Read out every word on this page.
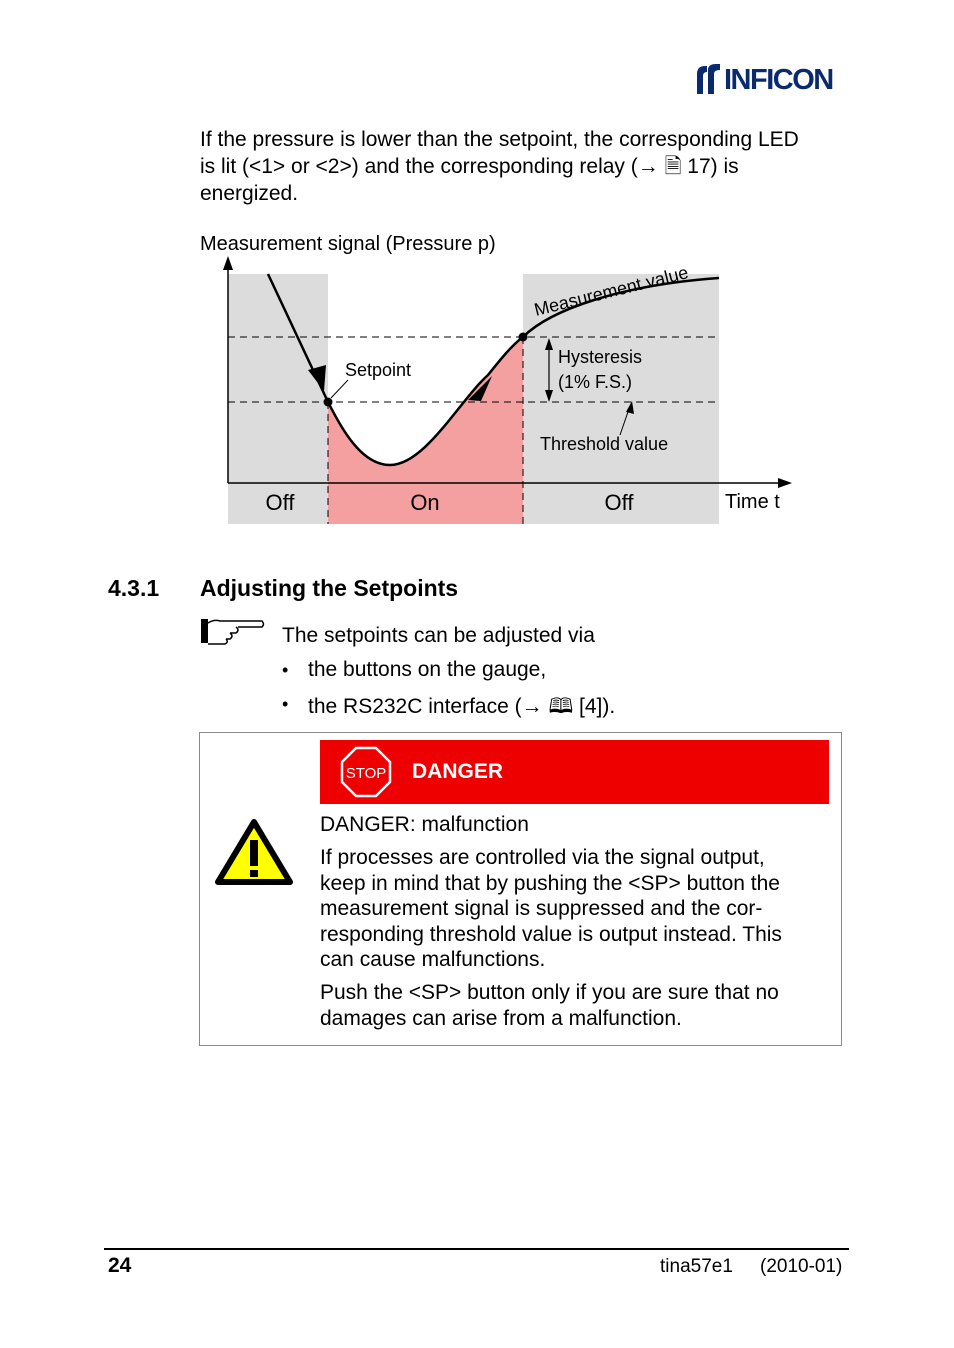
INFICON
If the pressure is lower than the setpoint, the corresponding LED
is lit (<1> or <2>) and the corresponding relay (→ 🗎 17) is
energized.
Measurement signal (Pressure p)
Measurement value
Setpoint
Hysteresis
(1% F.S.)
Threshold value
Off	On	Off	Time t
4.3.1 Adjusting the Setpoints
The setpoints can be adjusted via
• the buttons on the gauge,
• the RS232C interface (→ 🕮 [4]).
STOP DANGER
DANGER: malfunction
If processes are controlled via the signal output,
keep in mind that by pushing the <SP> button the
measurement signal is suppressed and the cor-
responding threshold value is output instead. This
can cause malfunctions.
Push the <SP> button only if you are sure that no
damages can arise from a malfunction.
24	tina57e1 (2010-01)
